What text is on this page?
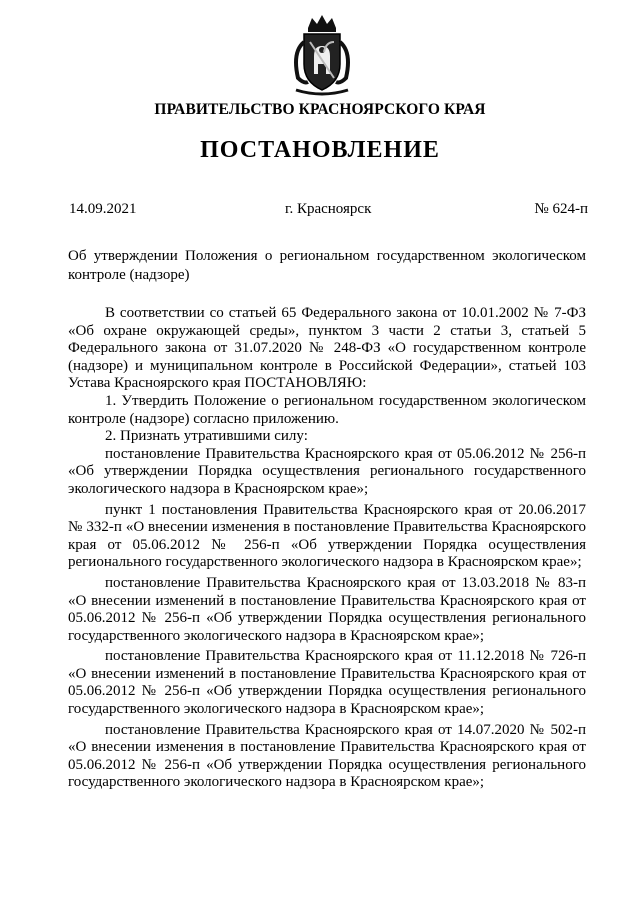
ПРАВИТЕЛЬСТВО КРАСНОЯРСКОГО КРАЯ
ПОСТАНОВЛЕНИЕ
14.09.2021	г. Красноярск	№ 624-п
Об утверждении Положения о региональном государственном экологическом контроле (надзоре)

В соответствии со статьей 65 Федерального закона от 10.01.2002 № 7-ФЗ «Об охране окружающей среды», пунктом 3 части 2 статьи 3, статьей 5 Федерального закона от 31.07.2020 № 248-ФЗ «О государственном контроле (надзоре) и муниципальном контроле в Российской Федерации», статьей 103 Устава Красноярского края ПОСТАНОВЛЯЮ:

1. Утвердить Положение о региональном государственном экологическом контроле (надзоре) согласно приложению.

2. Признать утратившими силу:

постановление Правительства Красноярского края от 05.06.2012 № 256-п «Об утверждении Порядка осуществления регионального государственного экологического надзора в Красноярском крае»;

пункт 1 постановления Правительства Красноярского края от 20.06.2017 № 332-п «О внесении изменения в постановление Правительства Красноярского края от 05.06.2012 № 256-п «Об утверждении Порядка осуществления регионального государственного экологического надзора в Красноярском крае»;

постановление Правительства Красноярского края от 13.03.2018 № 83-п «О внесении изменений в постановление Правительства Красноярского края от 05.06.2012 № 256-п «Об утверждении Порядка осуществления регионального государственного экологического надзора в Красноярском крае»;

постановление Правительства Красноярского края от 11.12.2018 № 726-п «О внесении изменений в постановление Правительства Красноярского края от 05.06.2012 № 256-п «Об утверждении Порядка осуществления регионального государственного экологического надзора в Красноярском крае»;

постановление Правительства Красноярского края от 14.07.2020 № 502-п «О внесении изменения в постановление Правительства Красноярского края от 05.06.2012 № 256-п «Об утверждении Порядка осуществления регионального государственного экологического надзора в Красноярском крае»;
